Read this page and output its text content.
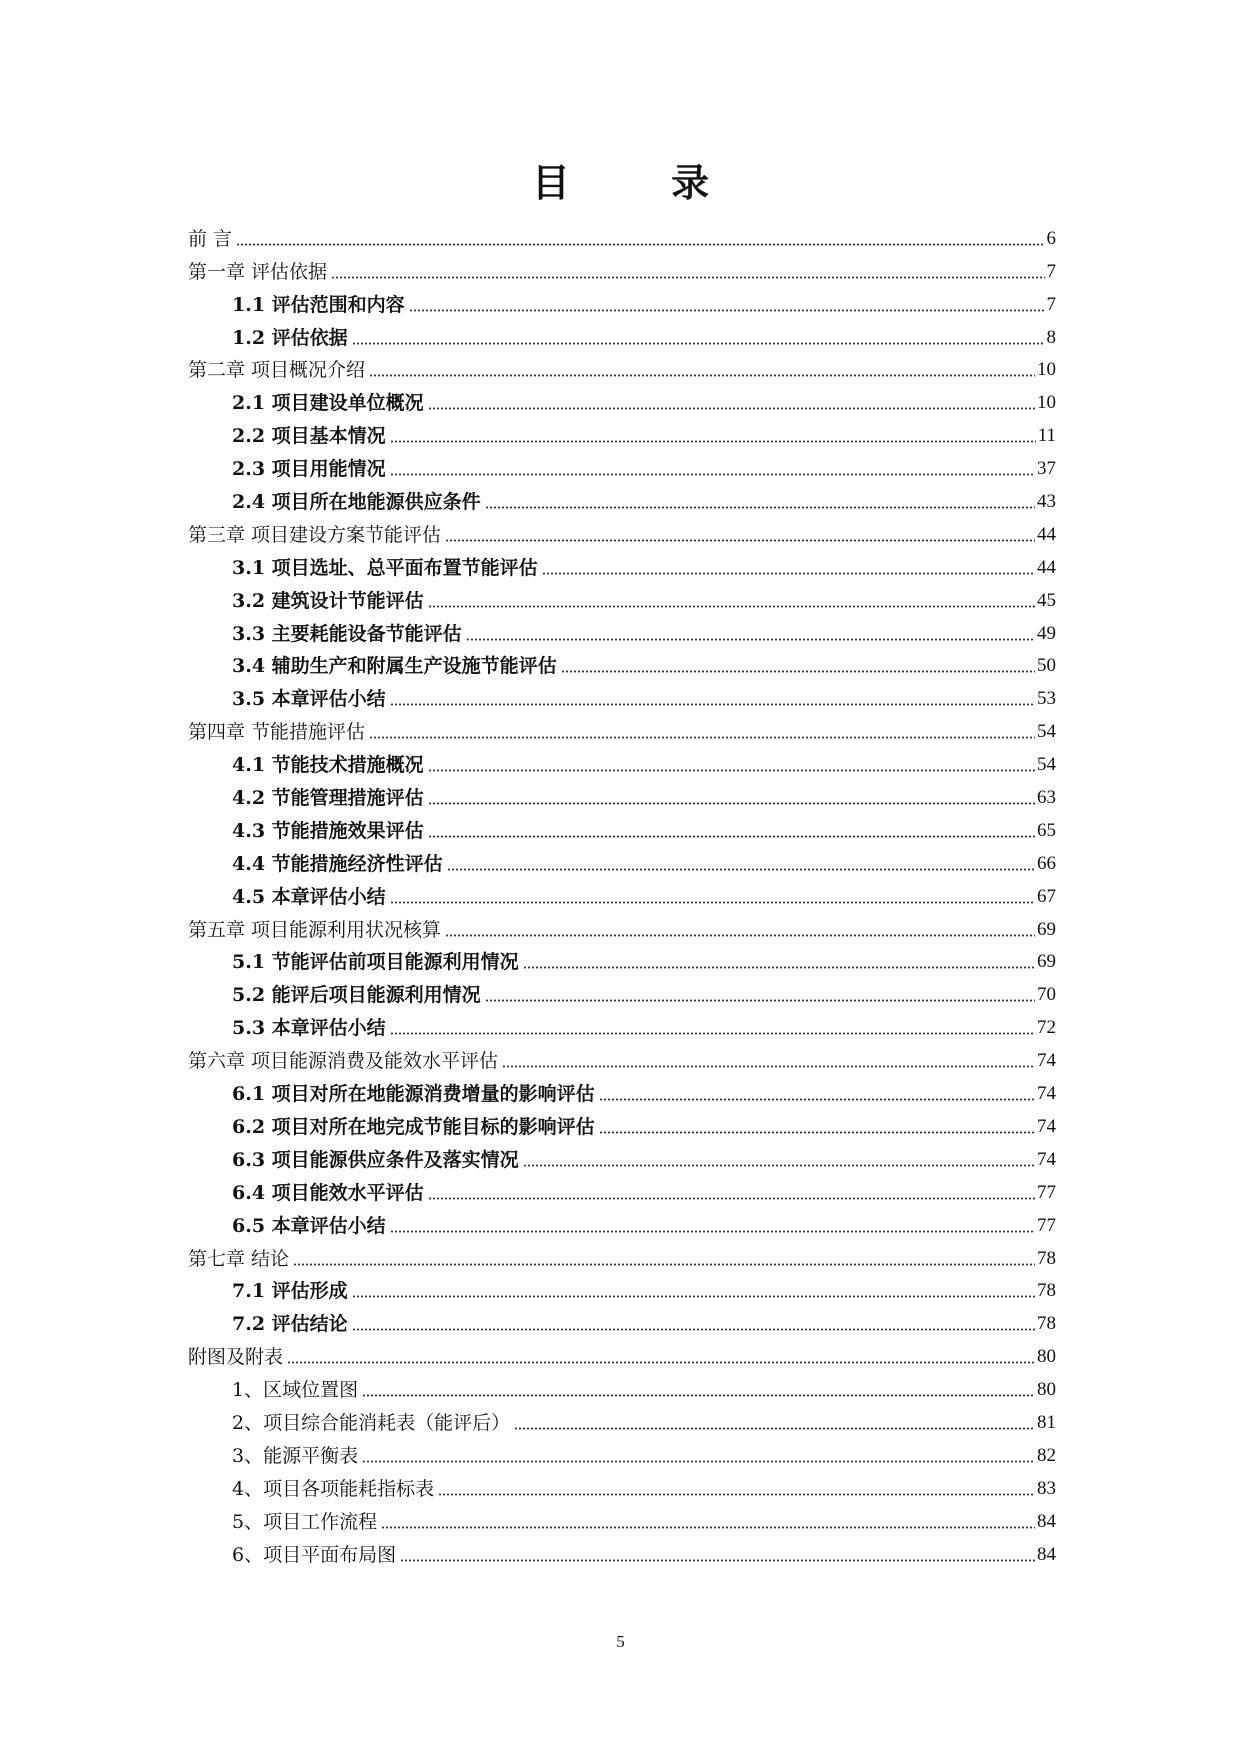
目 录
前 言	6
第一章 评估依据	7
1.1 评估范围和内容	7
1.2 评估依据	8
第二章 项目概况介绍	10
2.1 项目建设单位概况	10
2.2 项目基本情况	11
2.3 项目用能情况	37
2.4 项目所在地能源供应条件	43
第三章 项目建设方案节能评估	44
3.1 项目选址、总平面布置节能评估	44
3.2 建筑设计节能评估	45
3.3 主要耗能设备节能评估	49
3.4 辅助生产和附属生产设施节能评估	50
3.5 本章评估小结	53
第四章 节能措施评估	54
4.1 节能技术措施概况	54
4.2 节能管理措施评估	63
4.3 节能措施效果评估	65
4.4 节能措施经济性评估	66
4.5 本章评估小结	67
第五章 项目能源利用状况核算	69
5.1 节能评估前项目能源利用情况	69
5.2 能评后项目能源利用情况	70
5.3 本章评估小结	72
第六章 项目能源消费及能效水平评估	74
6.1 项目对所在地能源消费增量的影响评估	74
6.2 项目对所在地完成节能目标的影响评估	74
6.3 项目能源供应条件及落实情况	74
6.4 项目能效水平评估	77
6.5 本章评估小结	77
第七章 结论	78
7.1 评估形成	78
7.2 评估结论	78
附图及附表	80
1、区域位置图	80
2、项目综合能消耗表（能评后）	81
3、能源平衡表	82
4、项目各项能耗指标表	83
5、项目工作流程	84
6、项目平面布局图	84
5
